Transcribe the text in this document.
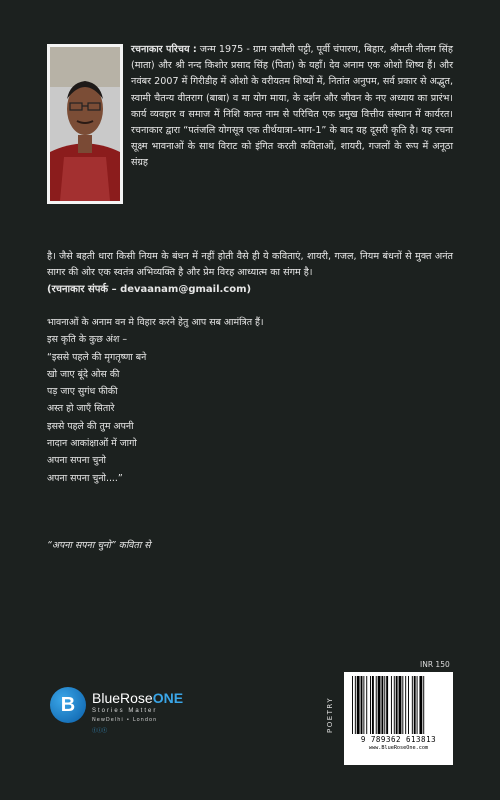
रचनाकार परिचय : जन्म 1975 - ग्राम जसौली पट्टी, पूर्वी चंपारण, बिहार, श्रीमती नीलम सिंह (माता) और श्री नन्द किशोर प्रसाद सिंह (पिता) के यहाँ। देव अनाम एक ओशो शिष्य हैं। और नवंबर 2007 में गिरीडीह में ओशो के वरीयतम शिष्यों में, नितांत अनुपम, सर्व प्रकार से अद्भुत, स्वामी चैतन्य वीतराग (बाबा) व मा योग माया, के दर्शन और जीवन के नए अध्याय का प्रारंभ। कार्य व्यवहार व समाज में निशि कान्त नाम से परिचित एक प्रमुख वित्तीय संस्थान में कार्यरत। रचनाकार द्वारा “पतंजलि योगसूत्र एक तीर्थयात्रा–भाग-1” के बाद यह दूसरी कृति है। यह रचना सूक्ष्म भावनाओं के साथ विराट को इंगित करती कविताओं, शायरी, गजलों के रूप में अनूठा संग्रह
है। जैसे बहती धारा किसी नियम के बंधन में नहीं होती वैसे ही ये कविताएं, शायरी, गजल, नियम बंधनों से मुक्त अनंत सागर की ओर एक स्वतंत्र अभिव्यक्ति है और प्रेम विरह आध्यात्म का संगम है।
(रचनाकार संपर्क – devaanam@gmail.com)
भावनाओं के अनाम वन मे विहार करने हेतु आप सब आमंत्रित हैं।
इस कृति के कुछ अंश –
“इससे पहले की मृगतृष्णा बने
खो जाए बूंदे ओस की
पड़ जाए सुगंध फीकी
अस्त हो जाएँ सितारे
इससे पहले की तुम अपनी
नादान आकांक्षाओं में जागो
अपना सपना चुनो
अपना सपना चुनो....”
“अपना सपना चुनो” कविता से
B	BlueRoseONE
Stories Matter
NewDelhi • London
ⓕⓘⓣ	POETRY
INR 150
9 789362 613813
www.BlueRoseOne.com
